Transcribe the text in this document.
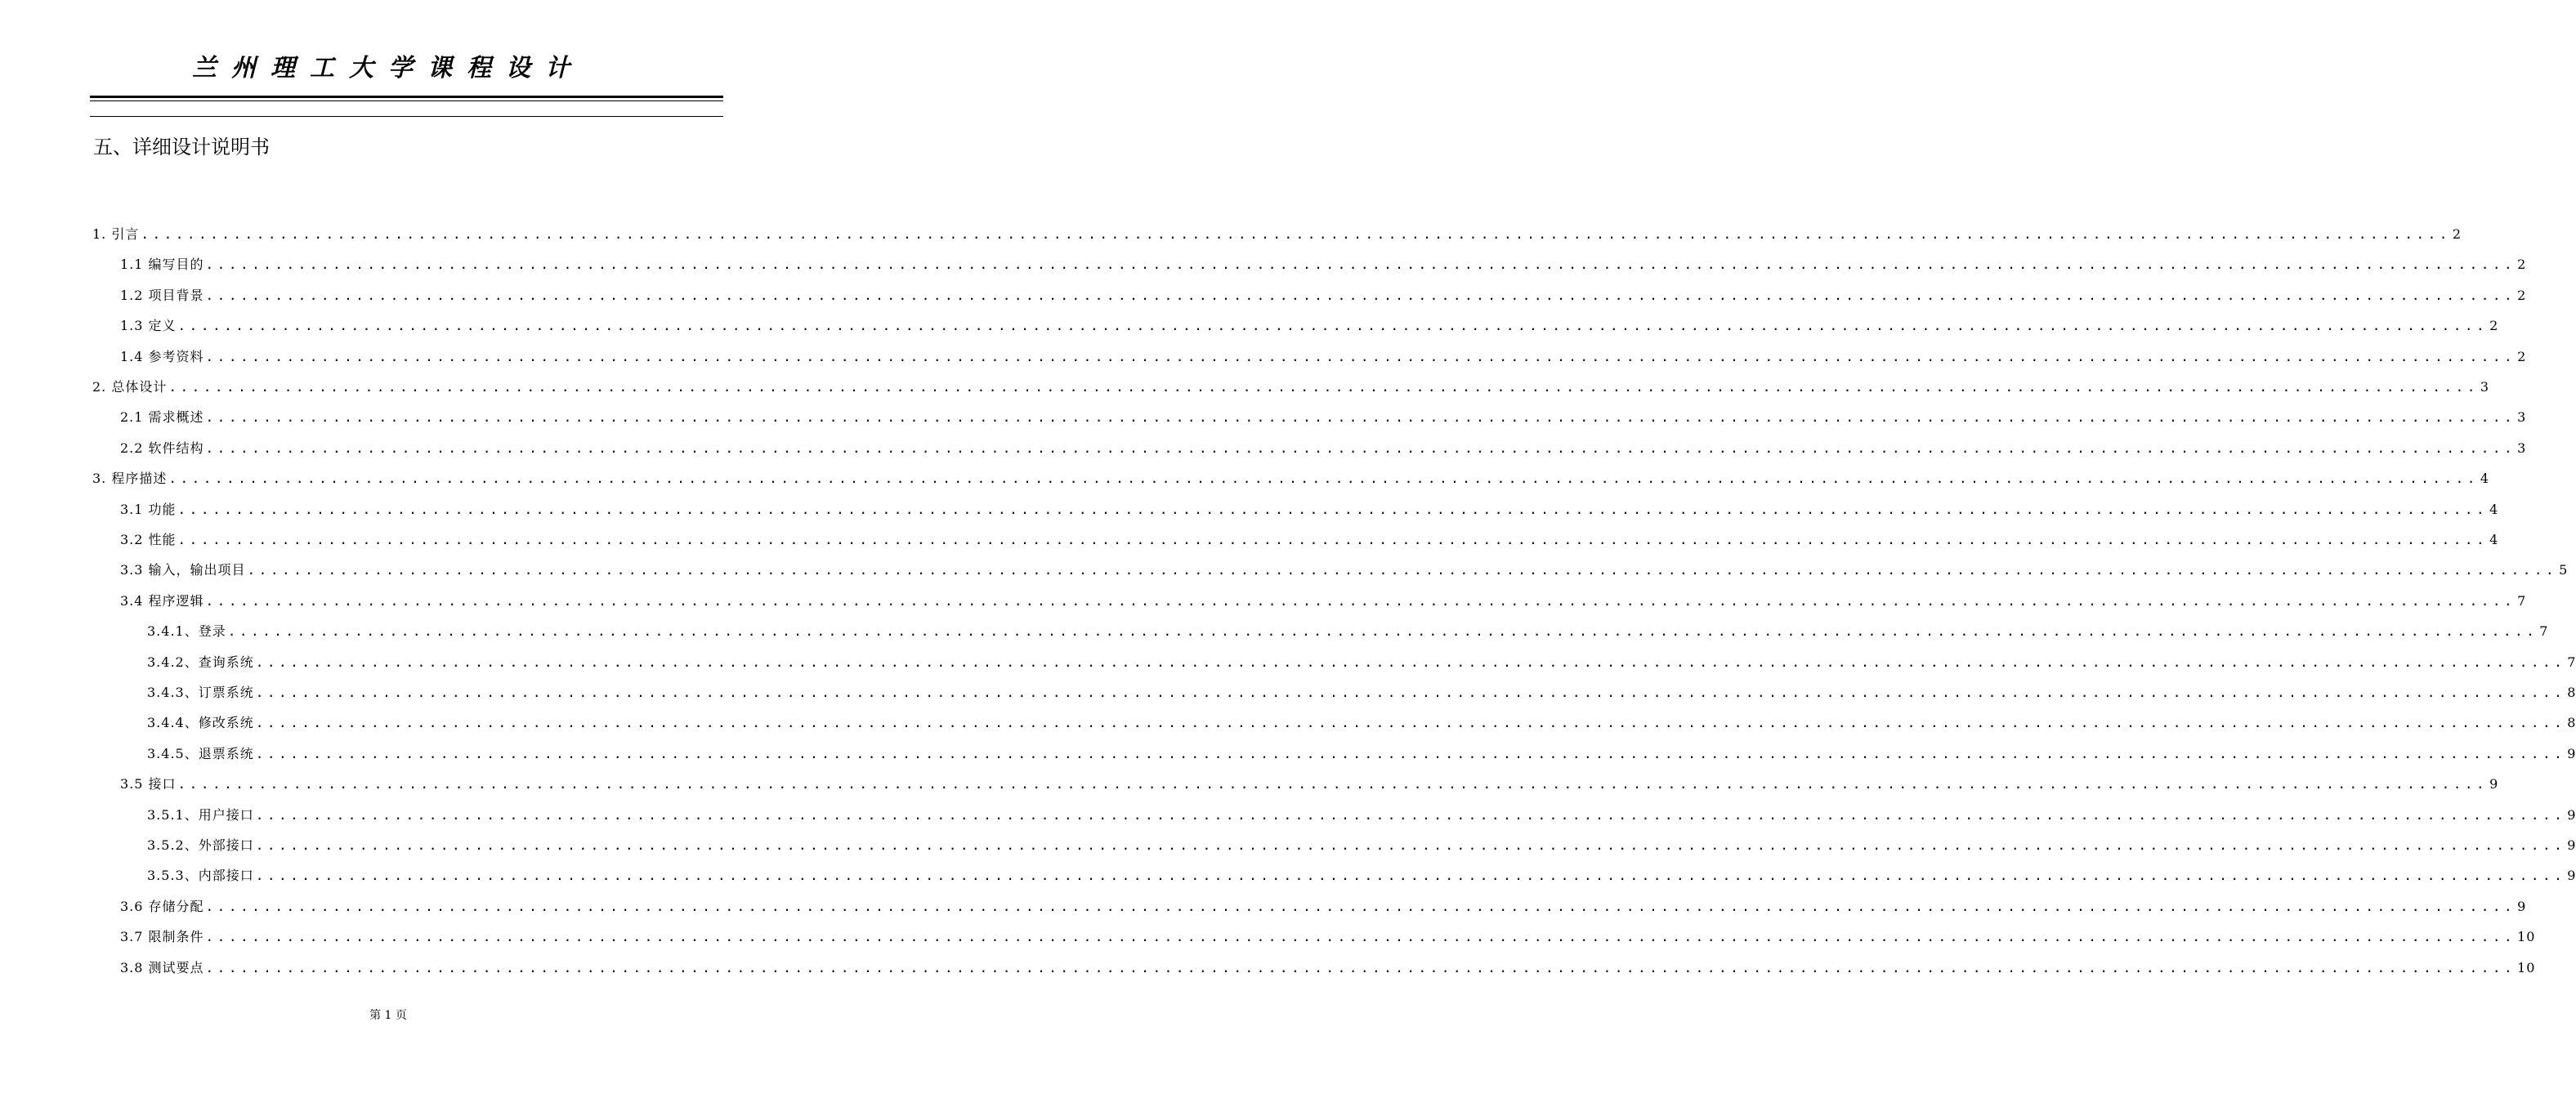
兰州理工大学课程设计
五、详细设计说明书
1. 引言 ........................................................................................................................................................................................................ 2
1.1 编写目的 ........................................................................................................................................................................................................ 2
1.2 项目背景 ........................................................................................................................................................................................................ 2
1.3 定义 ........................................................................................................................................................................................................ 2
1.4 参考资料 ........................................................................................................................................................................................................ 2
2. 总体设计 ........................................................................................................................................................................................................ 3
2.1 需求概述 ........................................................................................................................................................................................................ 3
2.2 软件结构 ........................................................................................................................................................................................................ 3
3. 程序描述 ........................................................................................................................................................................................................ 4
3.1 功能 ........................................................................................................................................................................................................ 4
3.2 性能 ........................................................................................................................................................................................................ 4
3.3 输入，输出项目 ........................................................................................................................................................................................................ 5
3.4 程序逻辑 ........................................................................................................................................................................................................ 7
3.4.1、登录 ........................................................................................................................................................................................................ 7
3.4.2、查询系统 ........................................................................................................................................................................................................ 7
3.4.3、订票系统 ........................................................................................................................................................................................................ 8
3.4.4、修改系统 ........................................................................................................................................................................................................ 8
3.4.5、退票系统 ........................................................................................................................................................................................................ 9
3.5 接口 ........................................................................................................................................................................................................ 9
3.5.1、用户接口 ........................................................................................................................................................................................................ 9
3.5.2、外部接口 ........................................................................................................................................................................................................ 9
3.5.3、内部接口 ........................................................................................................................................................................................................ 9
3.6 存储分配 ........................................................................................................................................................................................................ 9
3.7 限制条件 ........................................................................................................................................................................................................ 10
3.8 测试要点 ........................................................................................................................................................................................................ 10
第 1 页
